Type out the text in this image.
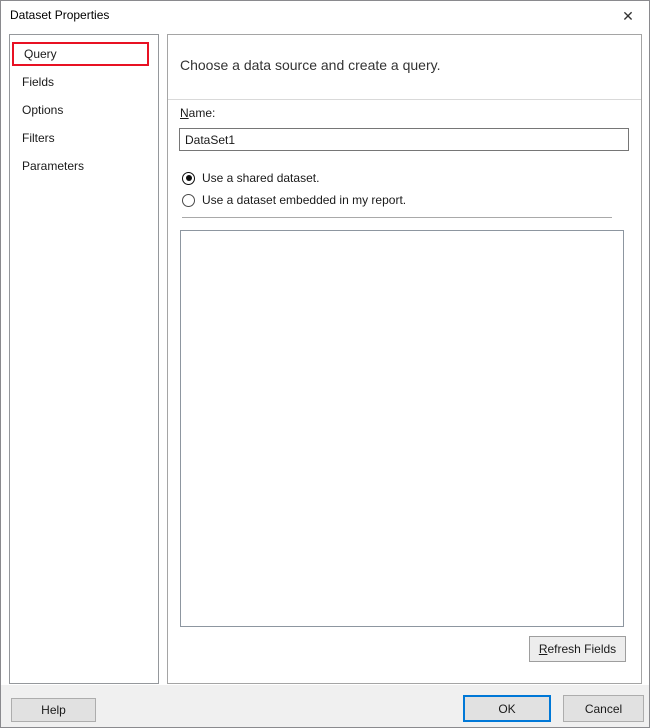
Dataset Properties	✕
Query
Fields
Options
Filters
Parameters
Choose a data source and create a query.
Name:
DataSet1
Use a shared dataset.
Use a dataset embedded in my report.
R efresh Fields
Help	OK	Cancel
